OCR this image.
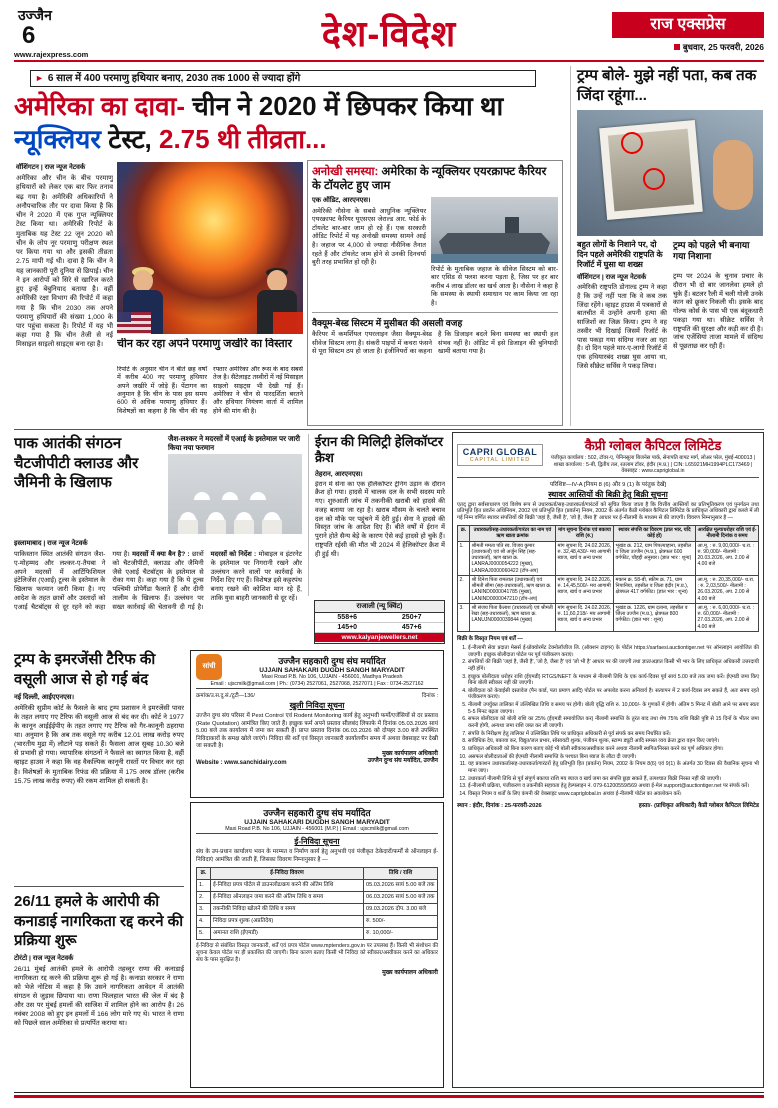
उज्जैन
6
www.rajexpress.com
देश-विदेश	राज एक्सप्रेस
बुधवार, 25 फरवरी, 2026
► 6 साल में 400 परमाणु हथियार बनाए, 2030 तक 1000 से ज्यादा होंगे
अमेरिका का दावा- चीन ने 2020 में छिपकर किया था न्यूक्लियर टेस्ट, 2.75 थी तीव्रता...
वॉशिंगटन | राज न्यूज नेटवर्क
अमेरिका और चीन के बीच परमाणु हथियारों को लेकर एक बार फिर तनाव बढ़ गया है। अमेरिकी अधिकारियों ने अनौपचारिक तौर पर दावा किया है कि चीन ने 2020 में एक गुप्त न्यूक्लियर टेस्ट किया था। अमेरिकी रिपोर्ट के मुताबिक यह टेस्ट 22 जून 2020 को चीन के लोप नूर परमाणु परीक्षण स्थल पर किया गया था और इसकी तीव्रता 2.75 मापी गई थी। दावा है कि चीन ने यह जानकारी पूरी दुनिया से छिपाई। चीन ने इन आरोपों को सिरे से खारिज करते हुए इन्हें बेबुनियाद बताया है। वहीं अमेरिकी रक्षा विभाग की रिपोर्ट में कहा गया है कि चीन 2030 तक अपने परमाणु हथियारों की संख्या 1,000 के पार पहुंचा सकता है। रिपोर्ट में यह भी कहा गया है कि चीन तेजी से नई मिसाइल साइलो साइट्स बना रहा है।	चीन कर रहा अपने परमाणु जखीरे का विस्तार
रिपोर्ट के अनुसार चीन ने बीते छह वर्षों में करीब 400 नए परमाणु हथियार अपने जखीरे में जोड़े हैं। पेंटागन का अनुमान है कि चीन के पास इस समय 600 से अधिक परमाणु हथियार हैं। विशेषज्ञों का कहना है कि चीन की यह रफ्तार अमेरिका और रूस के बाद सबसे तेज है। सैटेलाइट तस्वीरों में नई मिसाइल साइलो साइट्स भी देखी गई हैं। अमेरिका ने चीन से पारदर्शिता बरतने और हथियार नियंत्रण वार्ता में शामिल होने की मांग की है।
अनोखी समस्या: अमेरिका के न्यूक्लियर एयरक्राफ्ट कैरियर के टॉयलेट हुए जाम
एक ऑडिट, आरएनएस।
अमेरिकी नौसेना के सबसे आधुनिक न्यूक्लियर एयरक्राफ्ट कैरियर यूएसएस जेराल्ड आर. फोर्ड के टॉयलेट बार-बार जाम हो रहे हैं। एक सरकारी ऑडिट रिपोर्ट में यह अनोखी समस्या सामने आई है। जहाज पर 4,000 से ज्यादा नौसैनिक तैनात रहते हैं और टॉयलेट जाम होने से उनकी दिनचर्या बुरी तरह प्रभावित हो रही है।
रिपोर्ट के मुताबिक जहाज के सीवेज सिस्टम को बार-बार एसिड से फ्लश करना पड़ता है, जिस पर हर बार करीब 4 लाख डॉलर का खर्च आता है। नौसेना ने कहा है कि समस्या के स्थायी समाधान पर काम किया जा रहा है।
वैक्यूम-बेस्ड सिस्टम में मुसीबत की असली वजह
कैरियर में कमर्शियल एयरलाइन जैसा वैक्यूम-बेस्ड सीवेज सिस्टम लगा है। संकरी पाइपों में कचरा फंसने से पूरा सिस्टम ठप हो जाता है। इंजीनियरों का कहना है कि डिजाइन बदले बिना समस्या का स्थायी हल संभव नहीं है। ऑडिट में इसे डिजाइन की बुनियादी खामी बताया गया है।
ट्रम्प बोले- मुझे नहीं पता, कब तक जिंदा रहूंगा...
बहुत लोगों के निशाने पर, दो दिन पहले अमेरिकी राष्ट्रपति के रिजॉर्ट में घुसा था शख्स
ट्रम्प को पहले भी बनाया गया निशाना
वॉशिंगटन | राज न्यूज नेटवर्क
अमेरिकी राष्ट्रपति डोनाल्ड ट्रम्प ने कहा है कि उन्हें नहीं पता कि वे कब तक जिंदा रहेंगे। व्हाइट हाउस में पत्रकारों से बातचीत में उन्होंने अपनी हत्या की साजिशों का जिक्र किया। ट्रम्प ने वह तस्वीर भी दिखाई जिसमें रिजॉर्ट के पास पकड़ा गया संदिग्ध नजर आ रहा है। दो दिन पहले मार-ए-लागो रिजॉर्ट में एक हथियारबंद शख्स घुस आया था, जिसे सीक्रेट सर्विस ने पकड़ लिया।
ट्रम्प पर 2024 के चुनाव प्रचार के दौरान भी दो बार जानलेवा हमले हो चुके हैं। बटलर रैली में चली गोली उनके कान को छूकर निकली थी। इसके बाद गोल्फ कोर्स के पास भी एक बंदूकधारी पकड़ा गया था। सीक्रेट सर्विस ने राष्ट्रपति की सुरक्षा और कड़ी कर दी है। जांच एजेंसियां ताजा मामले में संदिग्ध से पूछताछ कर रही हैं।
पाक आतंकी संगठन चैटजीपीटी क्लाउड और जैमिनी के खिलाफ
जैश-लश्कर ने मदरसों में एआई के इस्तेमाल पर जारी किया नया फरमान
इस्लामाबाद | राज न्यूज नेटवर्क
पाकिस्तान स्थित आतंकी संगठन जैश-ए-मोहम्मद और लश्कर-ए-तैयबा ने अपने मदरसों में आर्टिफिशियल इंटेलिजेंस (एआई) टूल्स के इस्तेमाल के खिलाफ फरमान जारी किया है। नए आदेश के तहत छात्रों और उस्तादों को एआई चैटबॉट्स से दूर रहने को कहा गया है। मदरसों में क्या बैन है? : छात्रों को चैटजीपीटी, क्लाउड और जैमिनी जैसे एआई चैटबॉट्स के इस्तेमाल से रोका गया है। कहा गया है कि ये टूल्स पश्चिमी प्रोपेगैंडा फैलाते हैं और दीनी तालीम के खिलाफ हैं। उल्लंघन पर सख्त कार्रवाई की चेतावनी दी गई है। मदरसों को निर्देश : मोबाइल व इंटरनेट के इस्तेमाल पर निगरानी रखने और उल्लंघन करने वालों पर कार्रवाई के निर्देश दिए गए हैं। विशेषज्ञ इसे कट्टरपंथ बनाए रखने की कोशिश मान रहे हैं, ताकि युवा बाहरी जानकारी से दूर रहें।
ईरान की मिलिट्री हेलिकॉप्टर क्रैश
तेहरान, आरएनएस।
ईरान में सेना का एक हेलिकॉप्टर ट्रेनिंग उड़ान के दौरान क्रैश हो गया। हादसे में चालक दल के सभी सदस्य मारे गए। शुरुआती जांच में तकनीकी खराबी को हादसे की वजह बताया जा रहा है। खराब मौसम के चलते बचाव दल को मौके पर पहुंचने में देरी हुई। सेना ने हादसे की विस्तृत जांच के आदेश दिए हैं। बीते वर्षों में ईरान में पुराने होते सैन्य बेड़े के कारण ऐसे कई हादसे हो चुके हैं। राष्ट्रपति रईसी की मौत भी 2024 में हेलिकॉप्टर क्रैश में ही हुई थी।
राजाली (न्यू क्विंट)
558+6	250+7
145+0	457+6
www.kalyanjewellers.net
CAPRI GLOBAL
CAPITAL LIMITED
कैप्री ग्लोबल कैपिटल लिमिटेड
पंजीकृत कार्यालय : 502, टॉवर-ए, पेनिनसुला बिजनेस पार्क, सेनापति बापट मार्ग, लोअर परेल, मुंबई-400013 | शाखा कार्यालय : 5-बी, द्वितीय तल, रतलाम टॉवर, इंदौर (म.प्र.) | CIN: L65921MH1994PLC173469 | वेबसाइट : www.capriglobal.in
परिशिष्ट—IV-A [नियम 8 (6) और 9 (1) के परंतुक देखें]
स्थावर आस्तियों की बिक्री हेतु बिक्री सूचना
एतद् द्वारा सर्वसाधारण एवं विशेष रूप से उधारकर्ता/सह-उधारकर्ता/गारंटरों को सूचित किया जाता है कि वित्तीय आस्तियों का प्रतिभूतिकरण एवं पुनर्गठन तथा प्रतिभूति हित प्रवर्तन अधिनियम, 2002 एवं प्रतिभूति हित (प्रवर्तन) नियम, 2002 के अंतर्गत कैप्री ग्लोबल कैपिटल लिमिटेड के प्राधिकृत अधिकारी द्वारा कब्जे में ली गई निम्न वर्णित स्थावर संपत्तियों की बिक्री 'जहां है, जैसी है', 'जो है, जैसा है' आधार पर ई-नीलामी के माध्यम से की जाएगी। विवरण निम्नानुसार है —
क्र.	उधारकर्ता/सह-उधारकर्ता/गारंटर का नाम एवं ऋण खाता क्रमांक	मांग सूचना दिनांक एवं बकाया राशि (रु.)	स्थावर संपत्ति का विवरण (ज्ञात भार, यदि कोई हो)	आरक्षित मूल्य/धरोहर राशि एवं ई-नीलामी दिनांक व समय
1.	श्रीमती ममता पति स्व. विजय कुमार (उधारकर्ता) एवं श्री अर्जुन सिंह (सह-उधारकर्ता), ऋण खाता क्र. LANRAJ0000054222 (मुख्य), LANRAJ0000060422 (टॉप-अप)	मांग सूचना दि. 24.02.2026, रु. 32,48,430/- मय आगामी ब्याज, खर्च व अन्य प्रभार	भूखंड क्र. 212, ग्राम पिपल्याहाना, तहसील व जिला उज्जैन (म.प्र.), क्षेत्रफल 600 वर्गफीट, चौहद्दी अनुसार। (ज्ञात भार : शून्य)	आ.मू. : रु. 9,00,000/- ध.रा. : रु. 90,000/- नीलामी : 20.03.2026, अप. 2.00 से 4.00 बजे
2.	श्री दिनेश पिता रामलाल (उधारकर्ता) एवं श्रीमती सीमा (सह-उधारकर्ता), ऋण खाता क्र. LANIND0000041785 (मुख्य), LANIND0000047210 (टॉप-अप)	मांग सूचना दि. 24.02.2026, रु. 14,45,500/- मय आगामी ब्याज, खर्च व अन्य प्रभार	मकान क्र. 58-बी, स्कीम क्र. 71, ग्राम निपानिया, तहसील व जिला इंदौर (म.प्र.), क्षेत्रफल 417 वर्गफीट। (ज्ञात भार : शून्य)	आ.मू. : रु. 20,35,000/- ध.रा. : रु. 2,03,500/- नीलामी : 26.03.2026, अप. 2.00 से 4.00 बजे
3.	श्री संजय पिता कैलाश (उधारकर्ता) एवं श्रीमती रेखा (सह-उधारकर्ता), ऋण खाता क्र. LANUJN0000039844 (मुख्य)	मांग सूचना दि. 24.02.2026, रु. 11,60,218/- मय आगामी ब्याज, खर्च व अन्य प्रभार	भूखंड क्र. 1226, ग्राम दताना, तहसील व जिला उज्जैन (म.प्र.), क्षेत्रफल 800 वर्गफीट। (ज्ञात भार : शून्य)	आ.मू. : रु. 6,00,000/- ध.रा. : रु. 60,000/- नीलामी : 27.03.2026, अप. 2.00 से 4.00 बजे
बिक्री के विस्तृत नियम एवं शर्तें —
1. ई-नीलामी सेवा प्रदाता मेसर्स ई-प्रोक्योरमेंट टेक्नोलॉजीज लि. (ऑक्शन टाइगर) के पोर्टल https://sarfaesi.auctiontiger.net पर ऑनलाइन आयोजित की जाएगी। इच्छुक बोलीदाता पोर्टल पर पूर्व पंजीकरण कराएं।
2. संपत्तियों की बिक्री 'जहां है, जैसी है', 'जो है, जैसा है' एवं 'जो भी है' आधार पर की जाएगी तथा ज्ञात/अज्ञात किसी भी भार के लिए प्राधिकृत अधिकारी उत्तरदायी नहीं होंगे।
3. इच्छुक बोलीदाता धरोहर राशि (ईएमडी) RTGS/NEFT के माध्यम से नीलामी तिथि के एक कार्य-दिवस पूर्व सायं 5.00 बजे तक जमा करें। ईएमडी जमा किए बिना बोली स्वीकार नहीं की जाएगी।
4. बोलीदाता को केवाईसी दस्तावेज (पैन कार्ड, पता प्रमाण आदि) पोर्टल पर अपलोड करना अनिवार्य है। सत्यापन में 2 कार्य-दिवस लग सकते हैं, अतः समय रहते पंजीकरण कराएं।
5. नीलामी उपर्युक्त तालिका में उल्लिखित तिथि व समय पर होगी। बोली वृद्धि राशि रु. 10,000/- के गुणकों में होगी। अंतिम 5 मिनट में बोली आने पर समय स्वतः 5-5 मिनट बढ़ता जाएगा।
6. सफल बोलीदाता को बोली राशि का 25% (ईएमडी समायोजित कर) नीलामी समाप्ति के तुरंत बाद तथा शेष 75% राशि बिक्री पुष्टि से 15 दिनों के भीतर जमा करनी होगी, अन्यथा जमा राशि जब्त कर ली जाएगी।
7. संपत्ति के निरीक्षण हेतु तालिका में उल्लिखित तिथि पर प्राधिकृत अधिकारी से पूर्व संपर्क कर समय निर्धारित करें।
8. सांविधिक देय, बकाया कर, विद्युत/जल प्रभार, सोसायटी शुल्क, पंजीयन शुल्क, स्टाम्प ड्यूटी आदि समस्त व्यय क्रेता द्वारा वहन किए जाएंगे।
9. प्राधिकृत अधिकारी को बिना कारण बताए कोई भी बोली स्वीकार/अस्वीकार करने अथवा नीलामी स्थगित/निरस्त करने का पूर्ण अधिकार होगा।
10. असफल बोलीदाताओं की ईएमडी नीलामी समाप्ति के पश्चात बिना ब्याज के लौटा दी जाएगी।
11. यह प्रकाशन उधारकर्ता/सह-उधारकर्ता/गारंटरों हेतु प्रतिभूति हित (प्रवर्तन) नियम, 2002 के नियम 8(6) एवं 9(1) के अंतर्गत 30 दिवस की वैधानिक सूचना भी माना जाए।
12. उधारकर्ता नीलामी तिथि से पूर्व संपूर्ण बकाया राशि मय ब्याज व खर्च जमा कर संपत्ति छुड़ा सकते हैं, तत्पश्चात बिक्री निरस्त नहीं की जाएगी।
13. ई-नीलामी प्रक्रिया, पंजीकरण व तकनीकी सहायता हेतु हेल्पलाइन नं. 079-61200559/569 अथवा ई-मेल support@auctiontiger.net पर संपर्क करें।
14. विस्तृत नियम व शर्तों के लिए कंपनी की वेबसाइट www.capriglobal.in अथवा ई-नीलामी पोर्टल का अवलोकन करें।
स्थान : इंदौर, दिनांक : 25-फरवरी-2026	हस्ता/- (प्राधिकृत अधिकारी) कैप्री ग्लोबल कैपिटल लिमिटेड
ट्रम्प के इमरजेंसी टैरिफ की वसूली आज से हो गई बंद
नई दिल्ली, आईएएनएस।
अमेरिकी सुप्रीम कोर्ट के फैसले के बाद ट्रम्प प्रशासन ने इमरजेंसी पावर के तहत लगाए गए टैरिफ की वसूली आज से बंद कर दी। कोर्ट ने 1977 के कानून आईईईपीए के तहत लगाए गए टैरिफ को गैर-कानूनी ठहराया था। अनुमान है कि अब तक वसूले गए करीब 12.01 लाख करोड़ रुपए (भारतीय मुद्रा में) लौटाने पड़ सकते हैं। फैसला आज सुबह 10.30 बजे से प्रभावी हो गया। व्यापारिक संगठनों ने फैसले का स्वागत किया है, वहीं व्हाइट हाउस ने कहा कि वह वैकल्पिक कानूनी रास्तों पर विचार कर रहा है। विशेषज्ञों के मुताबिक रिफंड की प्रक्रिया में 175 अरब डॉलर (करीब 15.75 लाख करोड़ रुपए) की रकम शामिल हो सकती है।
26/11 हमले के आरोपी की कनाडाई नागरिकता रद्द करने की प्रक्रिया शुरू
टोरंटो | राज न्यूज नेटवर्क
26/11 मुंबई आतंकी हमले के आरोपी तहव्वुर राणा की कनाडाई नागरिकता रद्द करने की प्रक्रिया शुरू हो गई है। कनाडा सरकार ने राणा को भेजे नोटिस में कहा है कि उसने नागरिकता आवेदन में आतंकी संगठन से जुड़ाव छिपाया था। राणा फिलहाल भारत की जेल में बंद है और उस पर मुंबई हमलों की साजिश में शामिल होने का आरोप है। 26 नवंबर 2008 को हुए इन हमलों में 166 लोग मारे गए थे। भारत ने राणा को पिछले साल अमेरिका से प्रत्यर्पित कराया था।
सांची
उज्जैन सहकारी दुग्ध संघ मर्यादित
UJJAIN SAHAKARI DUGDH SANGH MARYADIT
Maxi Road P.B. No 106, UJJAIN - 456001, Madhya Pradesh
Email : ujscmilk@gmail.com | Ph.: (0734) 2527061, 2527068, 2527071 | Fax : 0734-2527162
क्रमांक/उ.स.दु.सं./टूटी—136/	दिनांक :
खुली निविदा सूचना
उज्जैन दुग्ध संघ परिसर में Pest Control एवं Rodent Monitoring कार्य हेतु अनुभवी फर्मों/एजेंसियों से दर प्रस्ताव (Rate Quotation) आमंत्रित किए जाते हैं। इच्छुक फर्म अपने प्रस्ताव सीलबंद लिफाफे में दिनांक 05.03.2026 सायं 5.00 बजे तक कार्यालय में जमा कर सकती हैं। प्राप्त प्रस्ताव दिनांक 06.03.2026 को दोपहर 3.00 बजे उपस्थित निविदाकारों के समक्ष खोले जाएंगे। निविदा की शर्तें एवं विस्तृत जानकारी कार्यालयीन समय में अथवा वेबसाइट पर देखी जा सकती है।
Website : www.sanchidairy.com
मुख्य कार्यपालन अधिकारी
उज्जैन दुग्ध संघ मर्यादित, उज्जैन
उज्जैन सहकारी दुग्ध संघ मर्यादित
UJJAIN SAHAKARI DUGDH SANGH MARYADIT
Maxi Road P.B. No 106, UJJAIN - 456001 (M.P.) | Email : ujscmilk@gmail.com
ई-निविदा सूचना
संघ के उप-प्रधान कार्यालय भवन के मरम्मत व निर्माण कार्य हेतु अनुभवी एवं पंजीकृत ठेकेदारों/फर्मों से ऑनलाइन ई-निविदाएं आमंत्रित की जाती हैं, जिसका विवरण निम्नानुसार है —
क्र.	ई-निविदा विवरण	तिथि / राशि
1.	ई-निविदा प्रपत्र पोर्टल से डाउनलोड/क्रय करने की अंतिम तिथि	05.03.2026 सायं 5.00 बजे तक
2.	ई-निविदा ऑनलाइन जमा करने की अंतिम तिथि व समय	06.03.2026 सायं 5.00 बजे तक
3.	तकनीकी निविदा खोलने की तिथि व समय	09.03.2026 दोप. 3.00 बजे
4.	निविदा प्रपत्र शुल्क (अप्रतिदेय)	रु. 500/-
5.	अमानत राशि (ईएमडी)	रु. 10,000/-
ई-निविदा से संबंधित विस्तृत जानकारी, शर्तें एवं प्रपत्र पोर्टल www.mptenders.gov.in पर उपलब्ध हैं। किसी भी संशोधन की सूचना केवल पोर्टल पर ही प्रकाशित की जाएगी। बिना कारण बताए किसी भी निविदा को स्वीकार/अस्वीकार करने का अधिकार संघ के पास सुरक्षित है।
मुख्य कार्यपालन अधिकारी
